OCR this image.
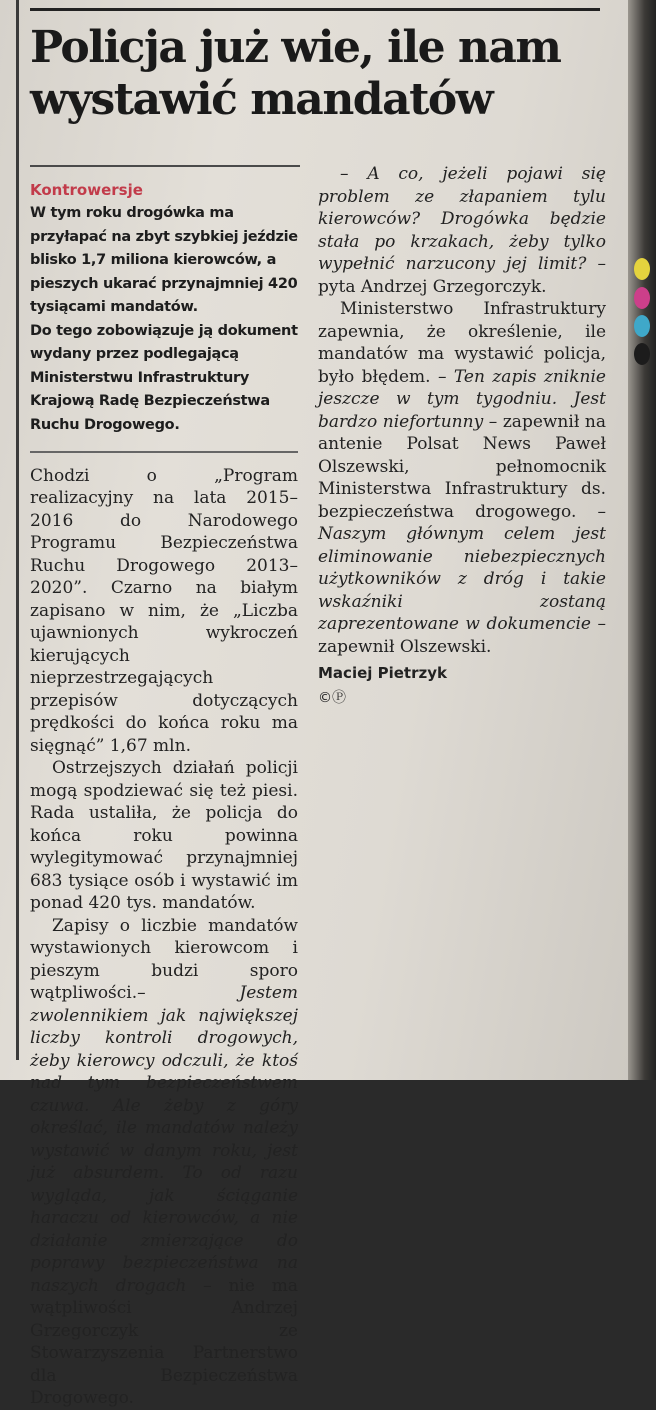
Policja już wie, ile nam wystawić mandatów

Kontrowersje

W tym roku drogówka ma przyłapać na zbyt szybkiej jeździe blisko 1,7 miliona kierowców, a pieszych ukarać przynajmniej 420 tysiącami mandatów.

Do tego zobowiązuje ją dokument wydany przez podlegającą Ministerstwu Infrastruktury Krajową Radę Bezpieczeństwa Ruchu Drogowego.

Chodzi o „Program realizacyjny na lata 2015–2016 do Narodowego Programu Bezpieczeństwa Ruchu Drogowego 2013–2020”. Czarno na białym zapisano w nim, że „Liczba ujawnionych wykroczeń kierujących nieprzestrzegających przepisów dotyczących prędkości do końca roku ma sięgnąć” 1,67 mln.

Ostrzejszych działań policji mogą spodziewać się też piesi. Rada ustaliła, że policja do końca roku powinna wylegitymować przynajmniej 683 tysiące osób i wystawić im ponad 420 tys. mandatów.

Zapisy o liczbie mandatów wystawionych kierowcom i pieszym budzi sporo wątpliwości.– Jestem zwolennikiem jak największej liczby kontroli drogowych, żeby kierowcy odczuli, że ktoś nad tym bezpieczeństwem czuwa. Ale żeby z góry określać, ile mandatów należy wystawić w danym roku, jest już absurdem. To od razu wygląda, jak ściąganie haraczu od kierowców, a nie działanie zmierzające do poprawy bezpieczeństwa na naszych drogach – nie ma wątpliwości Andrzej Grzegorczyk ze Stowarzyszenia Partnerstwo dla Bezpieczeństwa Drogowego.

– A co, jeżeli pojawi się problem ze złapaniem tylu kierowców? Drogówka będzie stała po krzakach, żeby tylko wypełnić narzucony jej limit? – pyta Andrzej Grzegorczyk.

Ministerstwo Infrastruktury zapewnia, że określenie, ile mandatów ma wystawić policja, było błędem. – Ten zapis zniknie jeszcze w tym tygodniu. Jest bardzo niefortunny – zapewnił na antenie Polsat News Paweł Olszewski, pełnomocnik Ministerstwa Infrastruktury ds. bezpieczeństwa drogowego. – Naszym głównym celem jest eliminowanie niebezpiecznych użytkowników z dróg i takie wskaźniki zostaną zaprezentowane w dokumencie – zapewnił Olszewski.

Maciej Pietrzyk

©Ⓟ
